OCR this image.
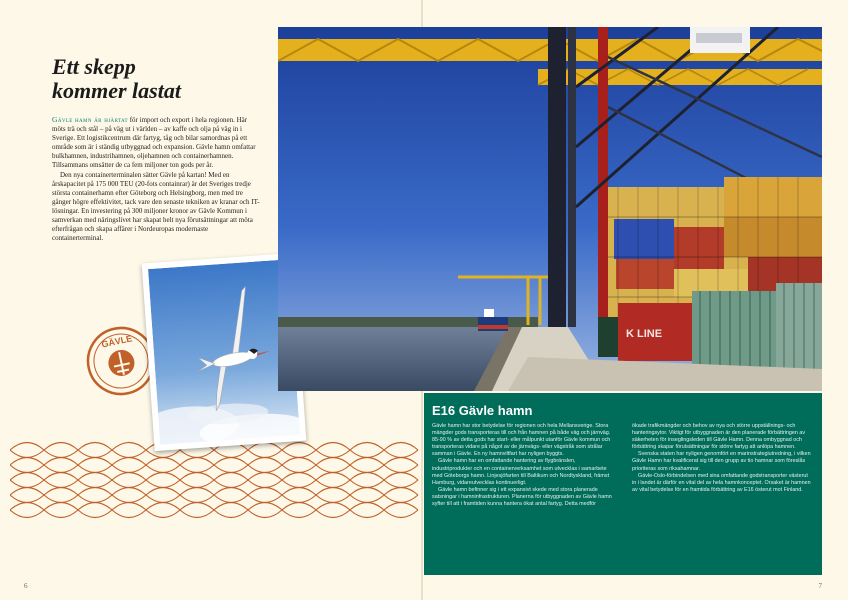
Ett skepp
kommer lastat

Gävle hamn är hjärtat för import och export i hela regionen. Här möts trä och stål – på väg ut i världen – av kaffe och olja på väg in i Sverige. Ett logistikcentrum där fartyg, tåg och bilar samordnas på ett område som är i ständig utbyggnad och expansion. Gävle hamn omfattar bulkhamnen, industrihamnen, oljehamnen och containerhamnen. Tillsammans omsätter de ca fem miljoner ton gods per år.

Den nya containerterminalen sätter Gävle på kartan! Med en årskapacitet på 175 000 TEU (20-fots containrar) är det Sveriges tredje största containerhamn efter Göteborg och Helsingborg, men med tre gånger högre effektivitet, tack vare den senaste tekniken av kranar och IT-lösningar. En investering på 300 miljoner kronor av Gävle Kommun i samverkan med näringslivet har skapat helt nya förutsättningar att möta efterfrågan och skapa affärer i Nordeuropas modernaste containerterminal.

GÄVLE
6	7
K LINE
E16 Gävle hamn

Gävle hamn har stor betydelse för regionen och hela Mellansverige. Stora mängder gods transporteras till och från hamnen på både väg och järnväg. 85-90 % av detta gods har start- eller målpunkt utanför Gävle kommun och transporteras vidare på något av de järnvägs- eller vägstråk som strålar samman i Gävle. En ny hamnviltfart har nyligen byggts.

Gävle hamn har en omfattande hantering av flygbränslen, industriprodukter och en containerverksamhet som utvecklas i samarbete med Göteborgs hamn. Linjesjöfarten till Baltikum och Nordtyskland, främst Hamburg, vidareutvecklas kontinuerligt.

Gävle hamn befinner sig i ett expansivt skede med stora planerade satsningar i hamninfrastrukturen. Planerna för utbyggnaden av Gävle hamn syfter till att i framtiden kunna hantera ökat antal fartyg. Detta medför

ökade trafikmängder och behov av nya och större uppställnings- och hanteringsytor. Viktigt för utbyggnaden är den planerade förbättringen av säkerheten för inseglingsleden till Gävle Hamn. Denna ombyggnad och förbättring skapar förutsättningar för större fartyg att anlöpa hamnen.

Svenska staten har nyligen genomfört en marinstrategiutredning, i vilken Gävle Hamn har kvalificerat sig till den grupp av tio hamnar som föreslås prioriteras som riksahamnar.

Gävle-Oslo-förbindelsen med sina omfattande godstransporter västerut in i landet är därför en vital del av hela hamnkonceptet. Orsaket är hamnen av vital betydelse för en framtida förbättring av E16 österut mot Finland.
